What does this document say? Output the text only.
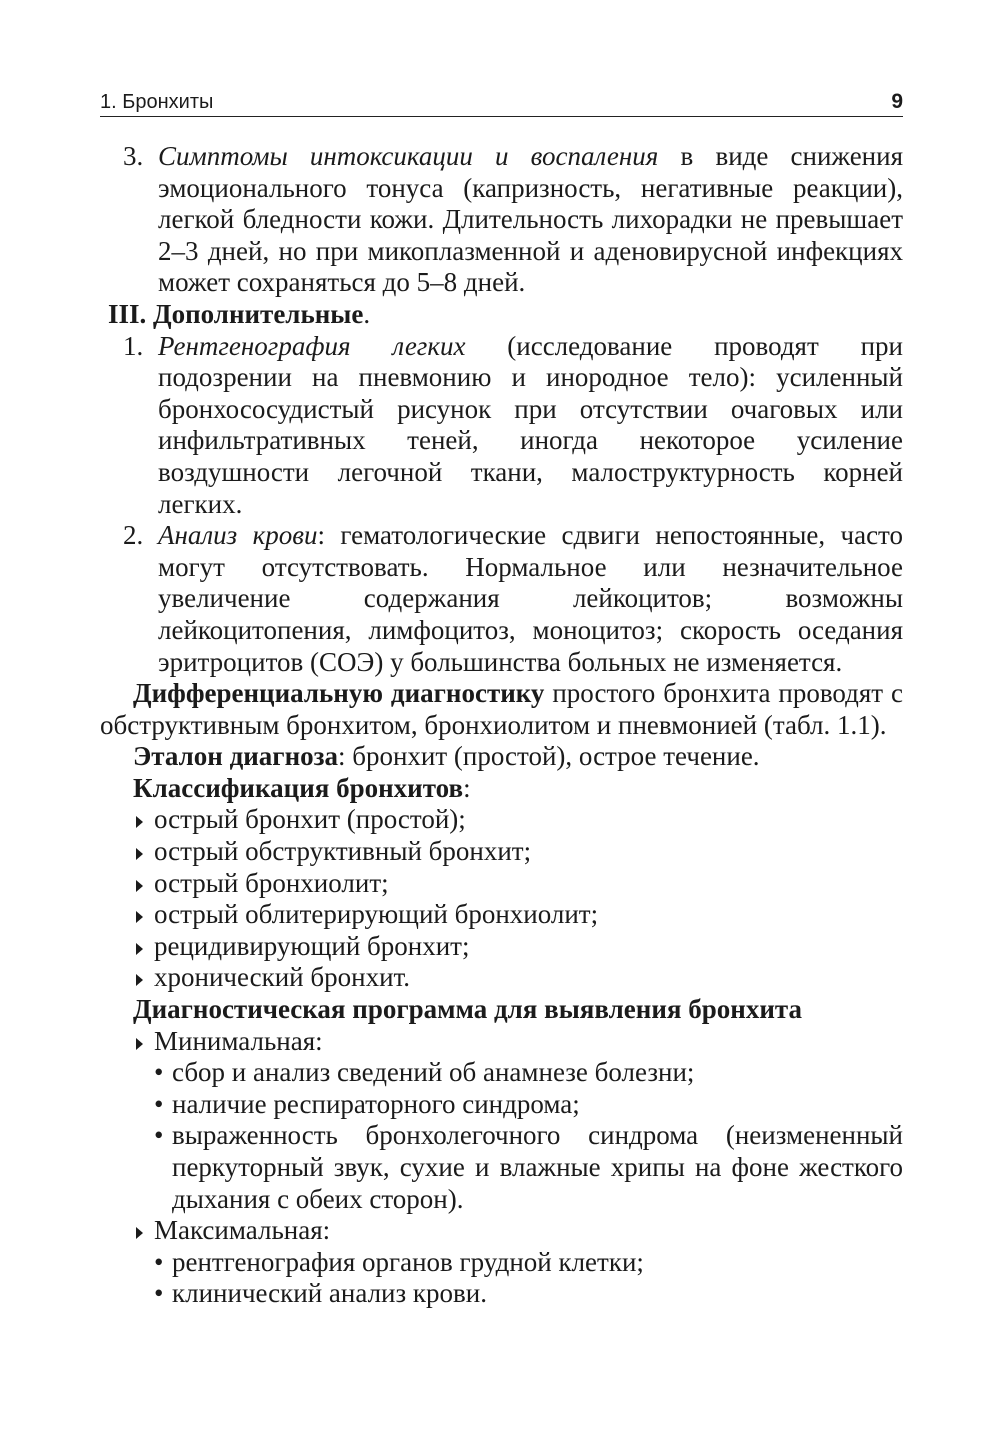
1. Бронхиты	9
3. Симптомы интоксикации и воспаления в виде снижения эмоционального тонуса (капризность, негативные реакции), легкой бледности кожи. Длительность лихорадки не превышает 2–3 дней, но при микоплазменной и аденовирусной инфекциях может сохраняться до 5–8 дней.
III. Дополнительные.
1. Рентгенография легких (исследование проводят при подозрении на пневмонию и инородное тело): усиленный бронхососудистый рисунок при отсутствии очаговых или инфильтративных теней, иногда некоторое усиление воздушности легочной ткани, малоструктурность корней легких.
2. Анализ крови: гематологические сдвиги непостоянные, часто могут отсутствовать. Нормальное или незначительное увеличение содержания лейкоцитов; возможны лейкоцитопения, лимфоцитоз, моноцитоз; скорость оседания эритроцитов (СОЭ) у большинства больных не изменяется.
Дифференциальную диагностику простого бронхита проводят с обструктивным бронхитом, бронхиолитом и пневмонией (табл. 1.1).
Эталон диагноза: бронхит (простой), острое течение.
Классификация бронхитов:
острый бронхит (простой);
острый обструктивный бронхит;
острый бронхиолит;
острый облитерирующий бронхиолит;
рецидивирующий бронхит;
хронический бронхит.
Диагностическая программа для выявления бронхита
Минимальная:
• сбор и анализ сведений об анамнезе болезни;
• наличие респираторного синдрома;
• выраженность бронхолегочного синдрома (неизмененный перкуторный звук, сухие и влажные хрипы на фоне жесткого дыхания с обеих сторон).
Максимальная:
• рентгенография органов грудной клетки;
• клинический анализ крови.
